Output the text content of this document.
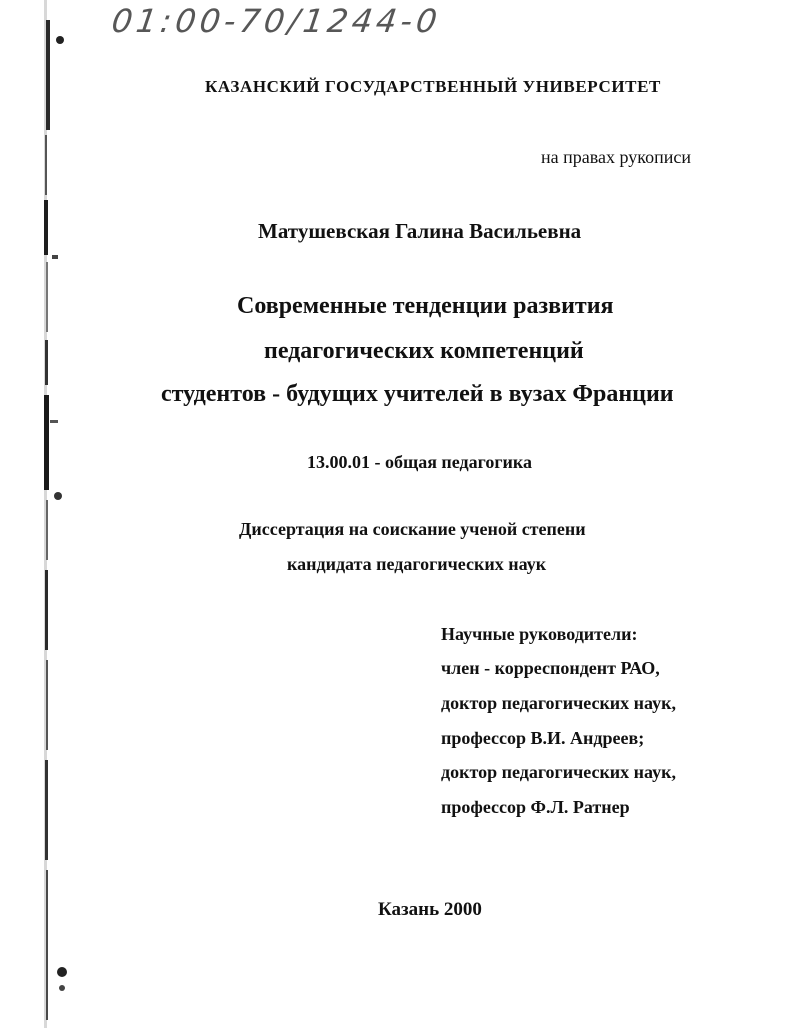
01:00-70/1244-0
КАЗАНСКИЙ ГОСУДАРСТВЕННЫЙ УНИВЕРСИТЕТ
на правах рукописи
Матушевская Галина Васильевна
Современные тенденции развития
педагогических компетенций
студентов - будущих учителей в вузах Франции
13.00.01 - общая педагогика
Диссертация на соискание ученой степени
кандидата педагогических наук
Научные руководители:
член - корреспондент РАО,
доктор педагогических наук,
профессор В.И. Андреев;
доктор педагогических наук,
профессор Ф.Л. Ратнер
Казань 2000
